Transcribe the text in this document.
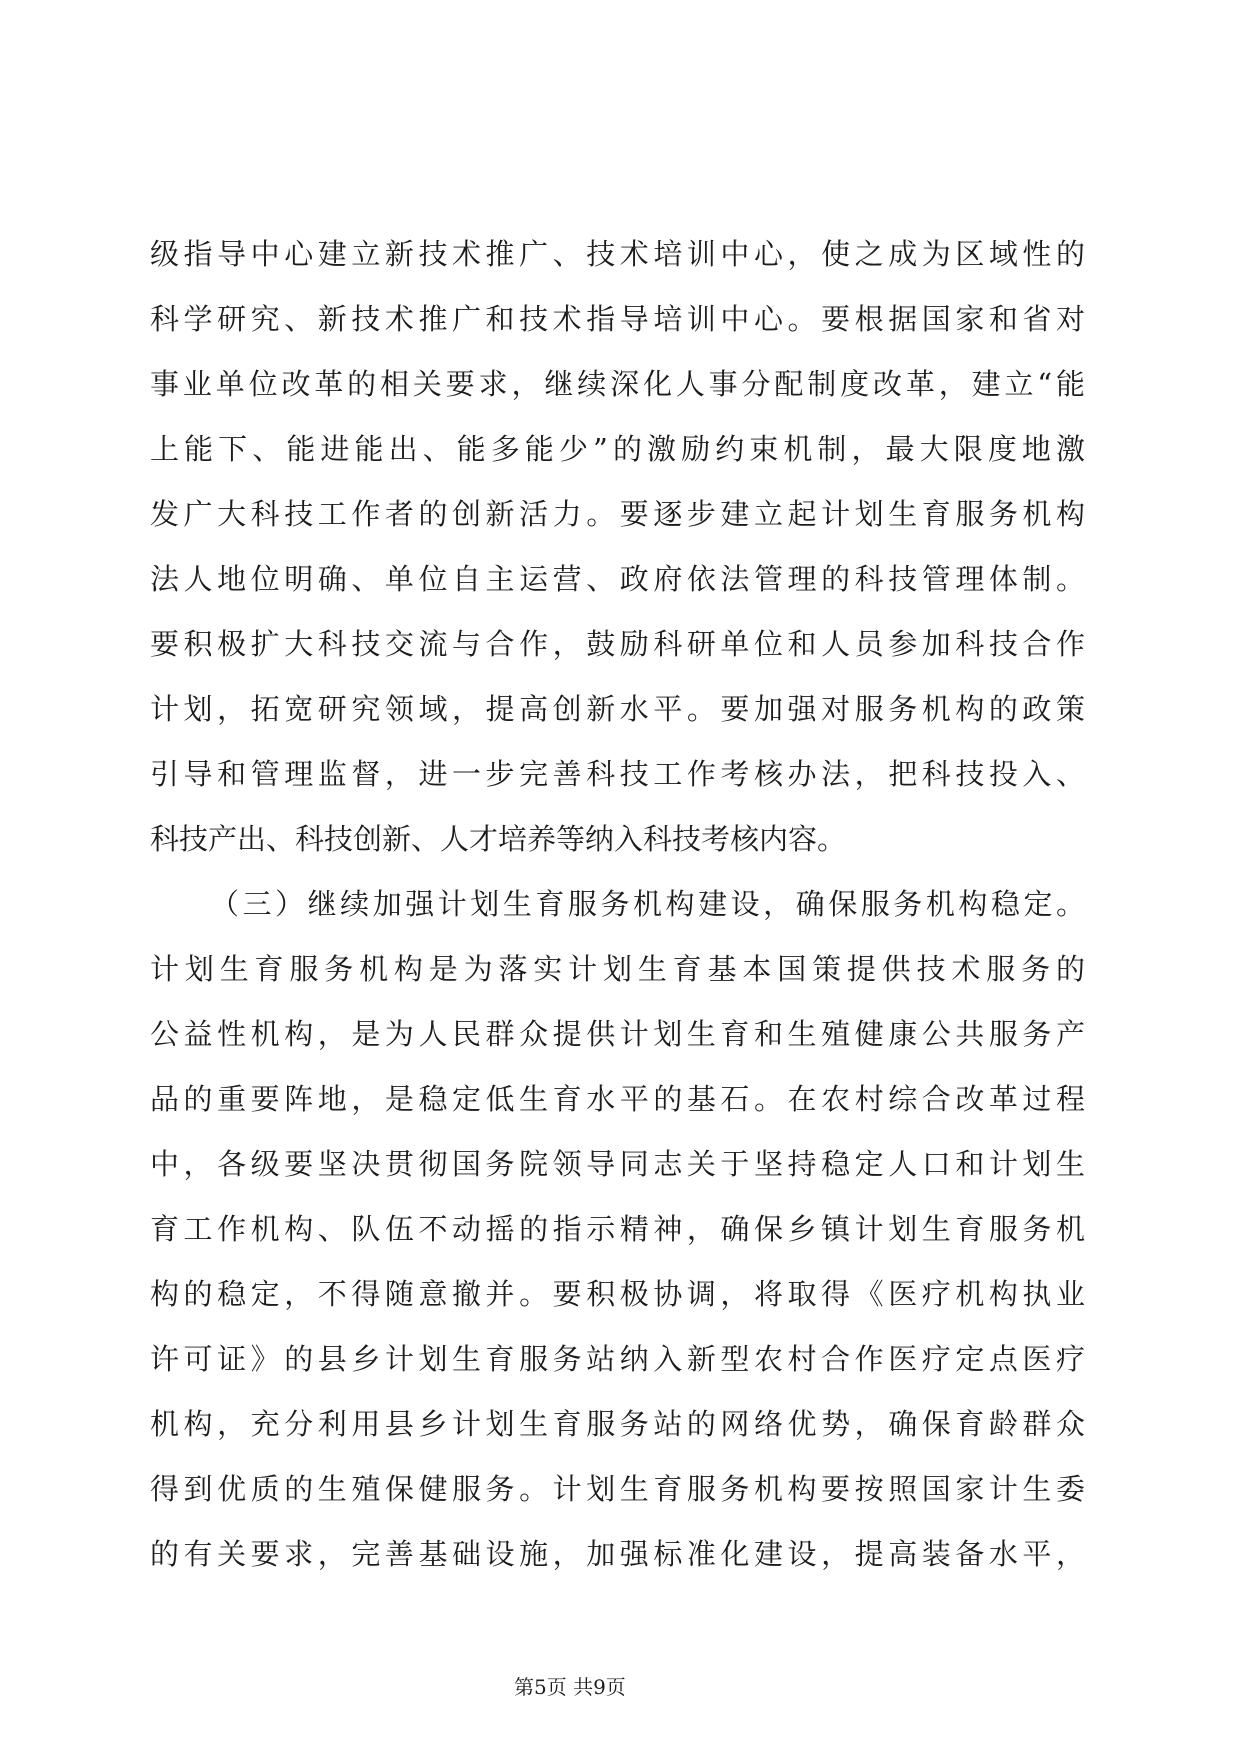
级指导中心建立新技术推广、技术培训中心，使之成为区域性的
科学研究、新技术推广和技术指导培训中心。要根据国家和省对
事业单位改革的相关要求，继续深化人事分配制度改革，建立“能
上能下、能进能出、能多能少”的激励约束机制，最大限度地激
发广大科技工作者的创新活力。要逐步建立起计划生育服务机构
法人地位明确、单位自主运营、政府依法管理的科技管理体制。
要积极扩大科技交流与合作，鼓励科研单位和人员参加科技合作
计划，拓宽研究领域，提高创新水平。要加强对服务机构的政策
引导和管理监督，进一步完善科技工作考核办法，把科技投入、
科技产出、科技创新、人才培养等纳入科技考核内容。
（三）继续加强计划生育服务机构建设，确保服务机构稳定。
计划生育服务机构是为落实计划生育基本国策提供技术服务的
公益性机构，是为人民群众提供计划生育和生殖健康公共服务产
品的重要阵地，是稳定低生育水平的基石。在农村综合改革过程
中，各级要坚决贯彻国务院领导同志关于坚持稳定人口和计划生
育工作机构、队伍不动摇的指示精神，确保乡镇计划生育服务机
构的稳定，不得随意撤并。要积极协调，将取得《医疗机构执业
许可证》的县乡计划生育服务站纳入新型农村合作医疗定点医疗
机构，充分利用县乡计划生育服务站的网络优势，确保育龄群众
得到优质的生殖保健服务。计划生育服务机构要按照国家计生委
的有关要求，完善基础设施，加强标准化建设，提高装备水平，
第5页 共9页
